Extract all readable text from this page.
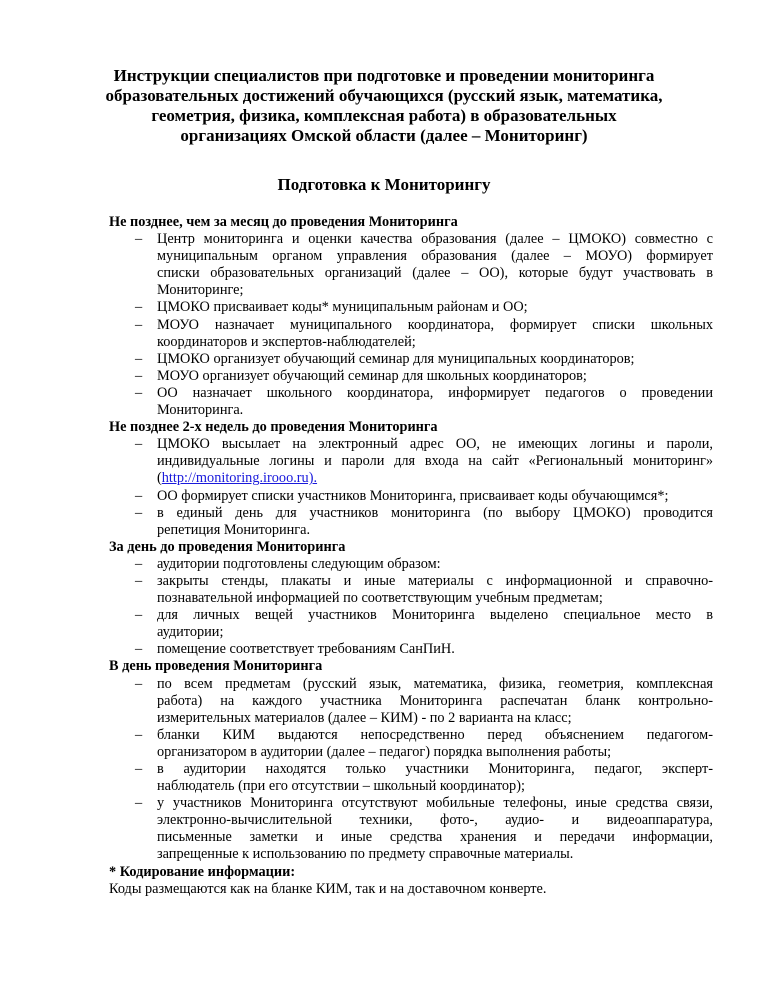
Инструкции специалистов при подготовке и проведении мониторинга
образовательных достижений обучающихся (русский язык, математика,
геометрия, физика, комплексная работа) в образовательных
организациях Омской области (далее – Мониторинг)
Подготовка к Мониторингу
Не позднее, чем за месяц до проведения Мониторинга
– Центр мониторинга и оценки качества образования (далее – ЦМОКО) совместно с
муниципальным органом управления образования (далее – МОУО) формирует
списки образовательных организаций (далее – ОО), которые будут участвовать в
Мониторинге;
– ЦМОКО присваивает коды* муниципальным районам и ОО;
– МОУО назначает муниципального координатора, формирует списки школьных
координаторов и экспертов-наблюдателей;
– ЦМОКО организует обучающий семинар для муниципальных координаторов;
– МОУО организует обучающий семинар для школьных координаторов;
– ОО назначает школьного координатора, информирует педагогов о проведении
Мониторинга.
Не позднее 2-х недель до проведения Мониторинга
– ЦМОКО высылает на электронный адрес ОО, не имеющих логины и пароли,
индивидуальные логины и пароли для входа на сайт «Региональный мониторинг»
(http://monitoring.irooo.ru).
– ОО формирует списки участников Мониторинга, присваивает коды обучающимся*;
– в единый день для участников мониторинга (по выбору ЦМОКО) проводится
репетиция Мониторинга.
За день до проведения Мониторинга
– аудитории подготовлены следующим образом:
– закрыты стенды, плакаты и иные материалы с информационной и справочно-
познавательной информацией по соответствующим учебным предметам;
– для личных вещей участников Мониторинга выделено специальное место в
аудитории;
– помещение соответствует требованиям СанПиН.
В день проведения Мониторинга
– по всем предметам (русский язык, математика, физика, геометрия, комплексная
работа) на каждого участника Мониторинга распечатан бланк контрольно-
измерительных материалов (далее – КИМ) - по 2 варианта на класс;
– бланки КИМ выдаются непосредственно перед объяснением педагогом-
организатором в аудитории (далее – педагог) порядка выполнения работы;
– в аудитории находятся только участники Мониторинга, педагог, эксперт-
наблюдатель (при его отсутствии – школьный координатор);
– у участников Мониторинга отсутствуют мобильные телефоны, иные средства связи,
электронно-вычислительной техники, фото-, аудио- и видеоаппаратура,
письменные заметки и иные средства хранения и передачи информации,
запрещенные к использованию по предмету справочные материалы.
* Кодирование информации:
Коды размещаются как на бланке КИМ, так и на доставочном конверте.
